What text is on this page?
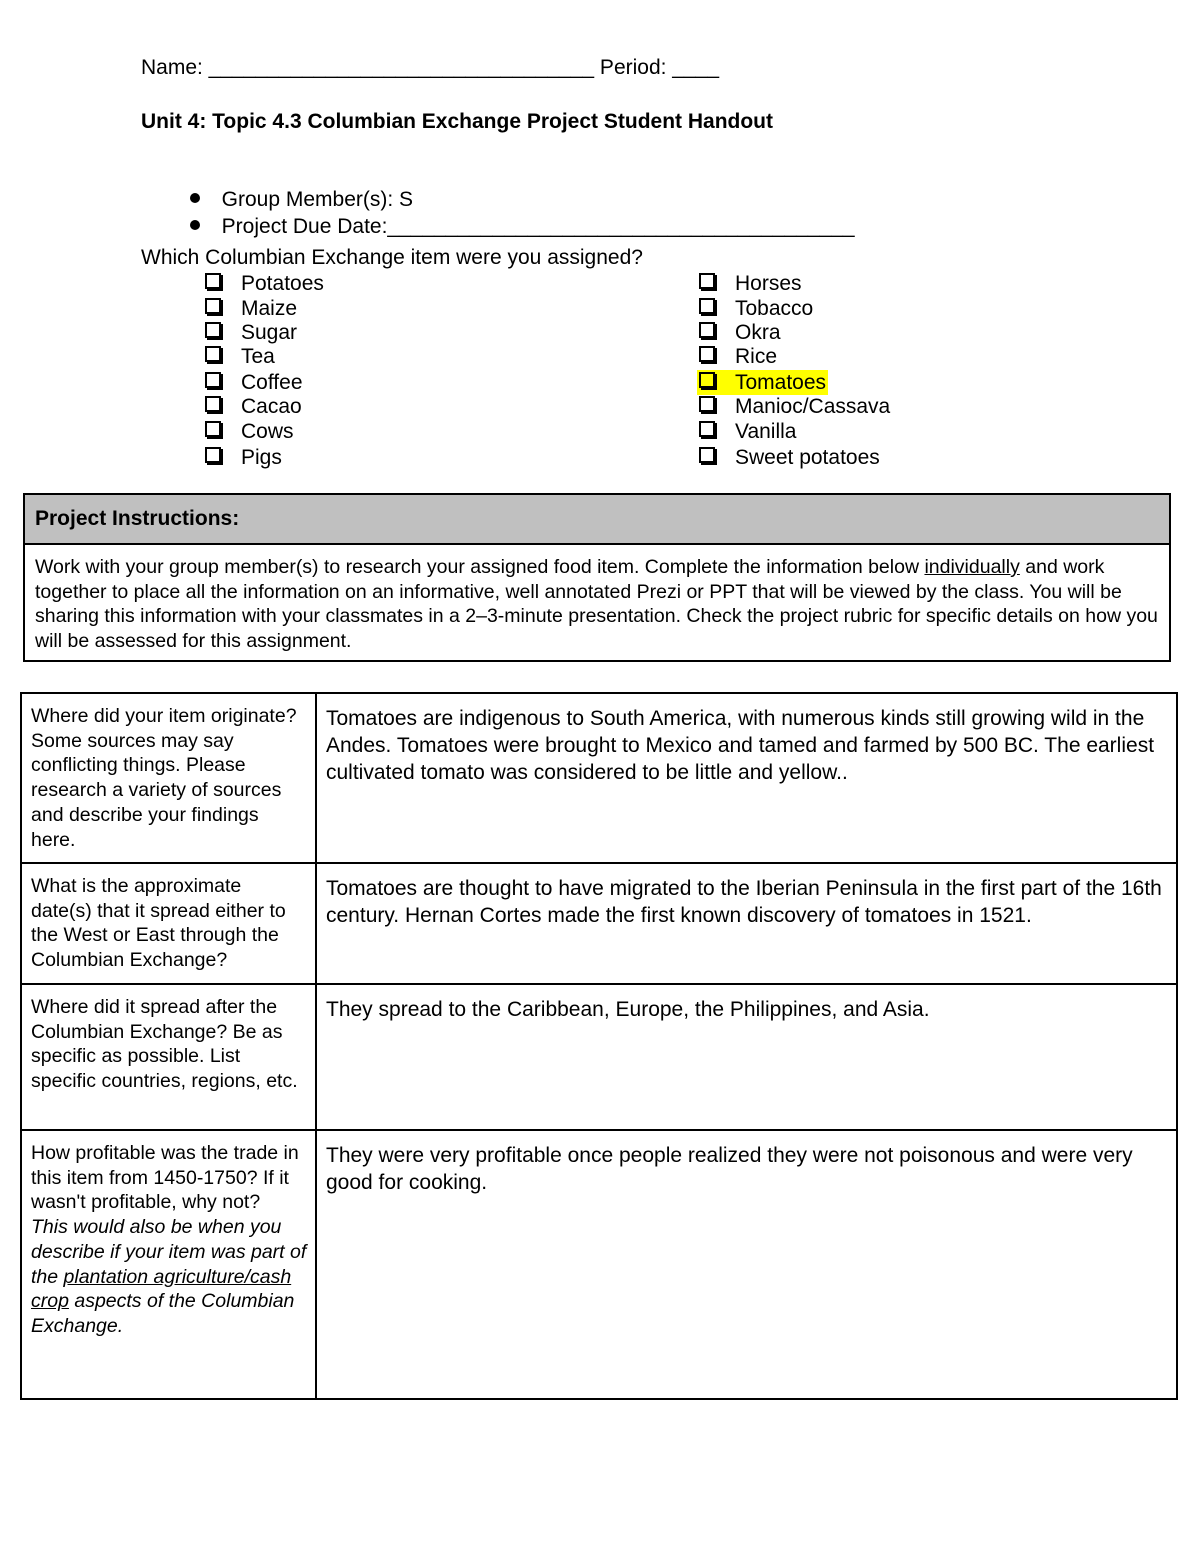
Name: _________________________________ Period: ____
Unit 4: Topic 4.3 Columbian Exchange Project Student Handout

Group Member(s): S

Project Due Date:________________________________________

Which Columbian Exchange item were you assigned?
Potatoes
Maize
Sugar
Tea
Coffee
Cacao
Cows
Pigs
Horses
Tobacco
Okra
Rice
Tomatoes
Manioc/Cassava
Vanilla
Sweet potatoes
Project Instructions:
Work with your group member(s) to research your assigned food item. Complete the information below individually and work together to place all the information on an informative, well annotated Prezi or PPT that will be viewed by the class. You will be sharing this information with your classmates in a 2–3-minute presentation. Check the project rubric for specific details on how you will be assessed for this assignment.
Where did your item originate? Some sources may say conflicting things. Please research a variety of sources and describe your findings here.	Tomatoes are indigenous to South America, with numerous kinds still growing wild in the Andes. Tomatoes were brought to Mexico and tamed and farmed by 500 BC. The earliest cultivated tomato was considered to be little and yellow..
What is the approximate date(s) that it spread either to the West or East through the Columbian Exchange?	Tomatoes are thought to have migrated to the Iberian Peninsula in the first part of the 16th century. Hernan Cortes made the first known discovery of tomatoes in 1521.
Where did it spread after the Columbian Exchange? Be as specific as possible. List specific countries, regions, etc.	They spread to the Caribbean, Europe, the Philippines, and Asia.
How profitable was the trade in this item from 1450-1750? If it wasn't profitable, why not?
This would also be when you describe if your item was part of the plantation agriculture/cash crop aspects of the Columbian Exchange.	They were very profitable once people realized they were not poisonous and were very good for cooking.
